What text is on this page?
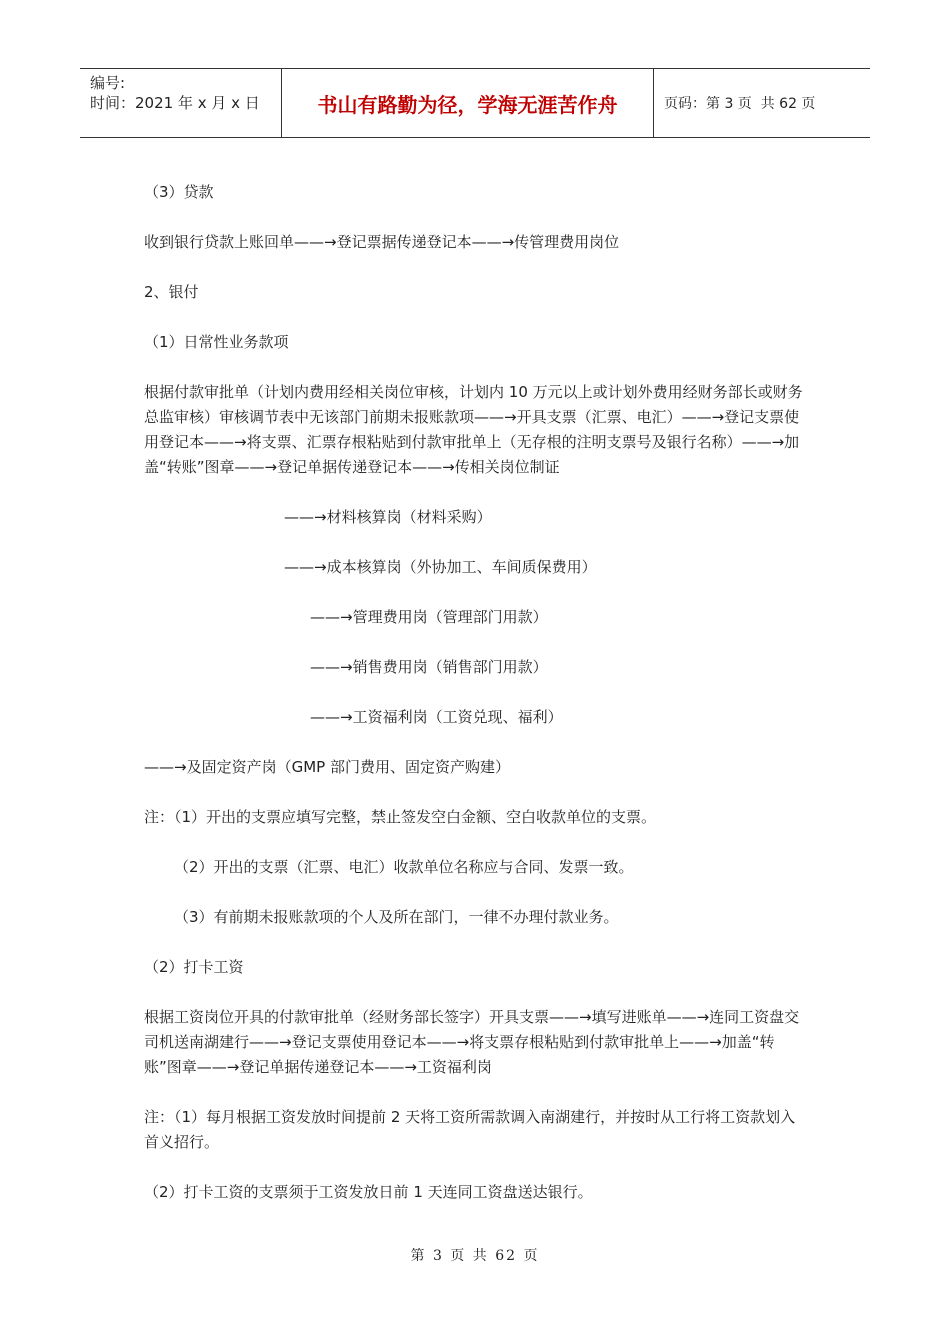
编号:
时间：2021 年 x 月 x 日	书山有路勤为径，学海无涯苦作舟	页码：第 3 页  共 62 页

（3）贷款

收到银行贷款上账回单——→登记票据传递登记本——→传管理费用岗位

2、银付

（1）日常性业务款项

根据付款审批单（计划内费用经相关岗位审核，计划内 10 万元以上或计划外费用经财务部长或财务总监审核）审核调节表中无该部门前期未报账款项——→开具支票（汇票、电汇）——→登记支票使用登记本——→将支票、汇票存根粘贴到付款审批单上（无存根的注明支票号及银行名称）——→加盖“转账”图章——→登记单据传递登记本——→传相关岗位制证

——→材料核算岗（材料采购）

——→成本核算岗（外协加工、车间质保费用）

——→管理费用岗（管理部门用款）

——→销售费用岗（销售部门用款）

——→工资福利岗（工资兑现、福利）

——→及固定资产岗（GMP 部门费用、固定资产购建）

注：（1）开出的支票应填写完整，禁止签发空白金额、空白收款单位的支票。

（2）开出的支票（汇票、电汇）收款单位名称应与合同、发票一致。

（3）有前期未报账款项的个人及所在部门，一律不办理付款业务。

（2）打卡工资

根据工资岗位开具的付款审批单（经财务部长签字）开具支票——→填写进账单——→连同工资盘交司机送南湖建行——→登记支票使用登记本——→将支票存根粘贴到付款审批单上——→加盖“转账”图章——→登记单据传递登记本——→工资福利岗

注：（1）每月根据工资发放时间提前 2 天将工资所需款调入南湖建行，并按时从工行将工资款划入首义招行。

（2）打卡工资的支票须于工资发放日前 1 天连同工资盘送达银行。

第 3 页 共 62 页
